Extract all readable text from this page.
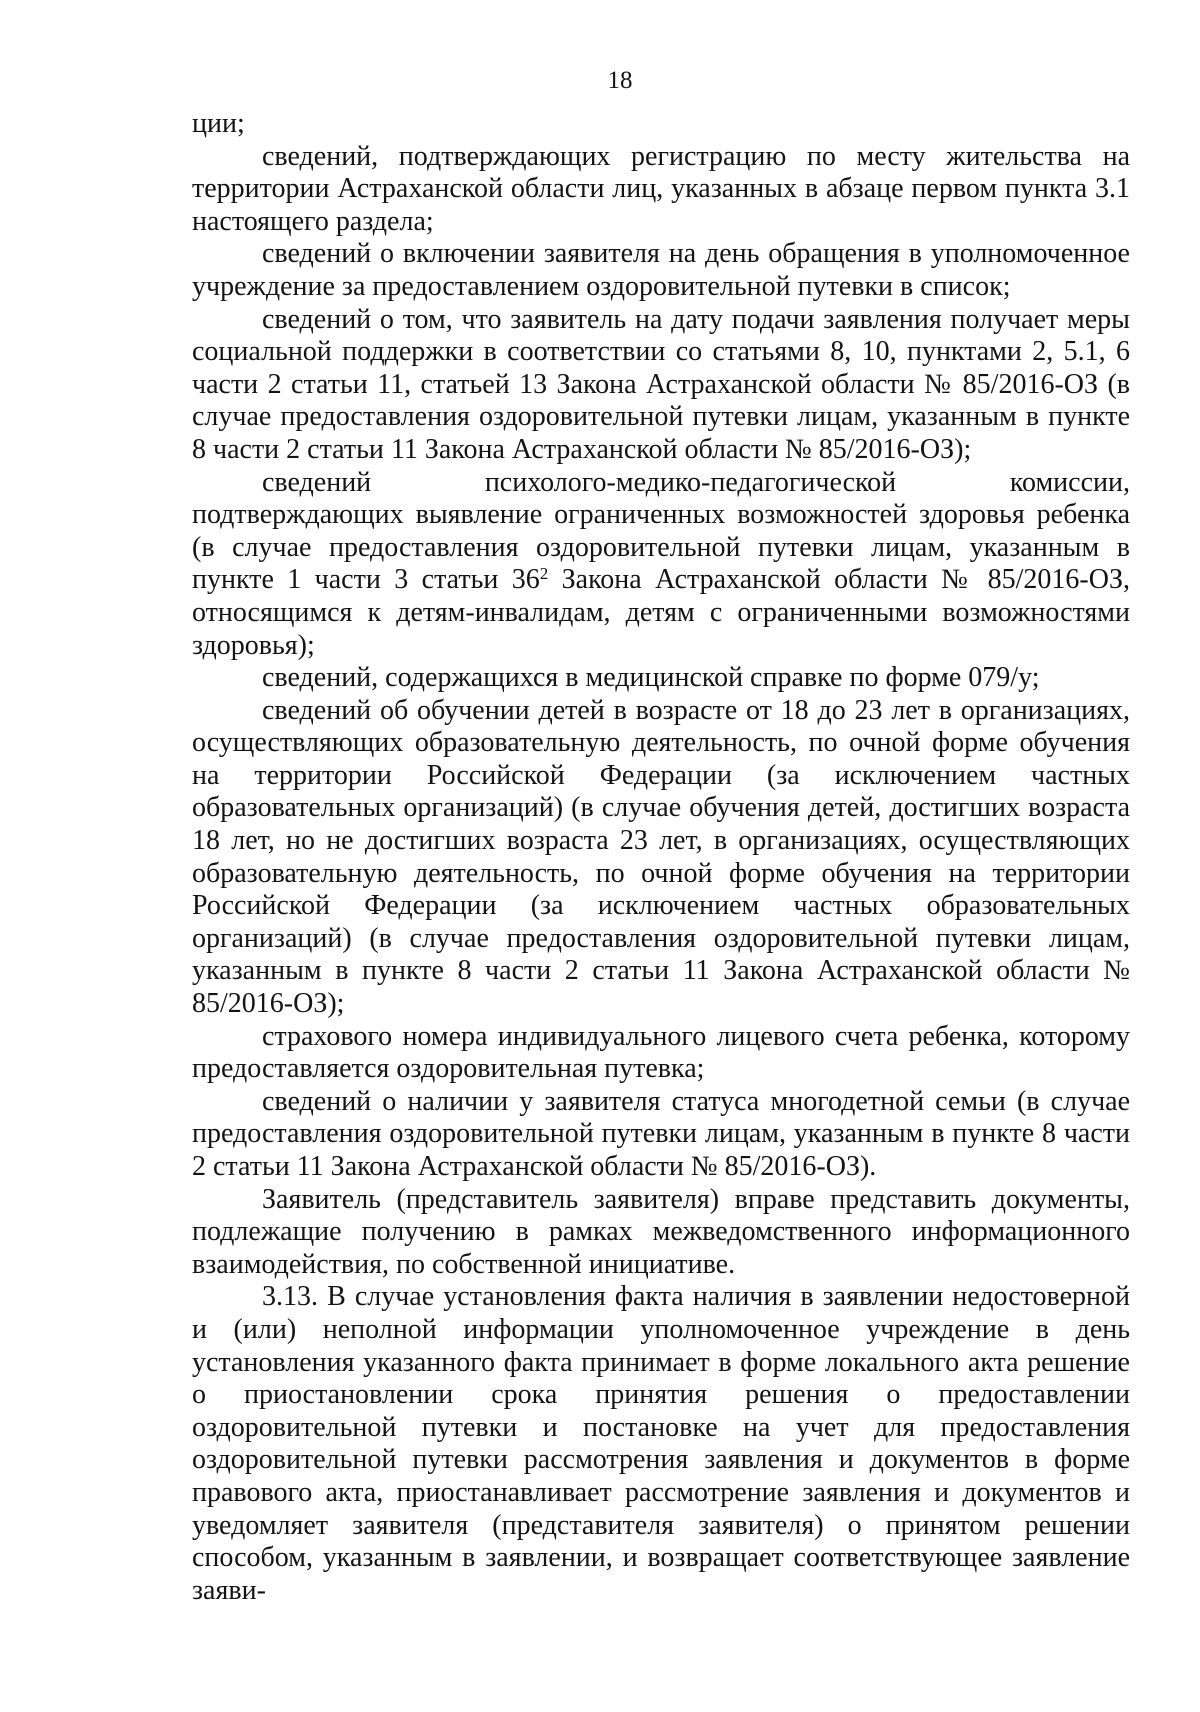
18

ции;

сведений, подтверждающих регистрацию по месту жительства на территории Астраханской области лиц, указанных в абзаце первом пункта 3.1 настоящего раздела;

сведений о включении заявителя на день обращения в уполномоченное учреждение за предоставлением оздоровительной путевки в список;

сведений о том, что заявитель на дату подачи заявления получает меры социальной поддержки в соответствии со статьями 8, 10, пунктами 2, 5.1, 6 части 2 статьи 11, статьей 13 Закона Астраханской области № 85/2016-ОЗ (в случае предоставления оздоровительной путевки лицам, указанным в пункте 8 части 2 статьи 11 Закона Астраханской области № 85/2016-ОЗ);

сведений психолого-медико-педагогической комиссии, подтверждающих выявление ограниченных возможностей здоровья ребенка (в случае предоставления оздоровительной путевки лицам, указанным в пункте 1 части 3 статьи $36^2$ Закона Астраханской области № 85/2016-ОЗ, относящимся к детям-инвалидам, детям с ограниченными возможностями здоровья);

сведений, содержащихся в медицинской справке по форме 079/у;

сведений об обучении детей в возрасте от 18 до 23 лет в организациях, осуществляющих образовательную деятельность, по очной форме обучения на территории Российской Федерации (за исключением частных образовательных организаций) (в случае обучения детей, достигших возраста 18 лет, но не достигших возраста 23 лет, в организациях, осуществляющих образовательную деятельность, по очной форме обучения на территории Российской Федерации (за исключением частных образовательных организаций) (в случае предоставления оздоровительной путевки лицам, указанным в пункте 8 части 2 статьи 11 Закона Астраханской области № 85/2016-ОЗ);

страхового номера индивидуального лицевого счета ребенка, которому предоставляется оздоровительная путевка;

сведений о наличии у заявителя статуса многодетной семьи (в случае предоставления оздоровительной путевки лицам, указанным в пункте 8 части 2 статьи 11 Закона Астраханской области № 85/2016-ОЗ).

Заявитель (представитель заявителя) вправе представить документы, подлежащие получению в рамках межведомственного информационного взаимодействия, по собственной инициативе.

3.13. В случае установления факта наличия в заявлении недостоверной и (или) неполной информации уполномоченное учреждение в день установления указанного факта принимает в форме локального акта решение о приостановлении срока принятия решения о предоставлении оздоровительной путевки и постановке на учет для предоставления оздоровительной путевки рассмотрения заявления и документов в форме правового акта, приостанавливает рассмотрение заявления и документов и уведомляет заявителя (представителя заявителя) о принятом решении способом, указанным в заявлении, и возвращает соответствующее заявление заяви-
